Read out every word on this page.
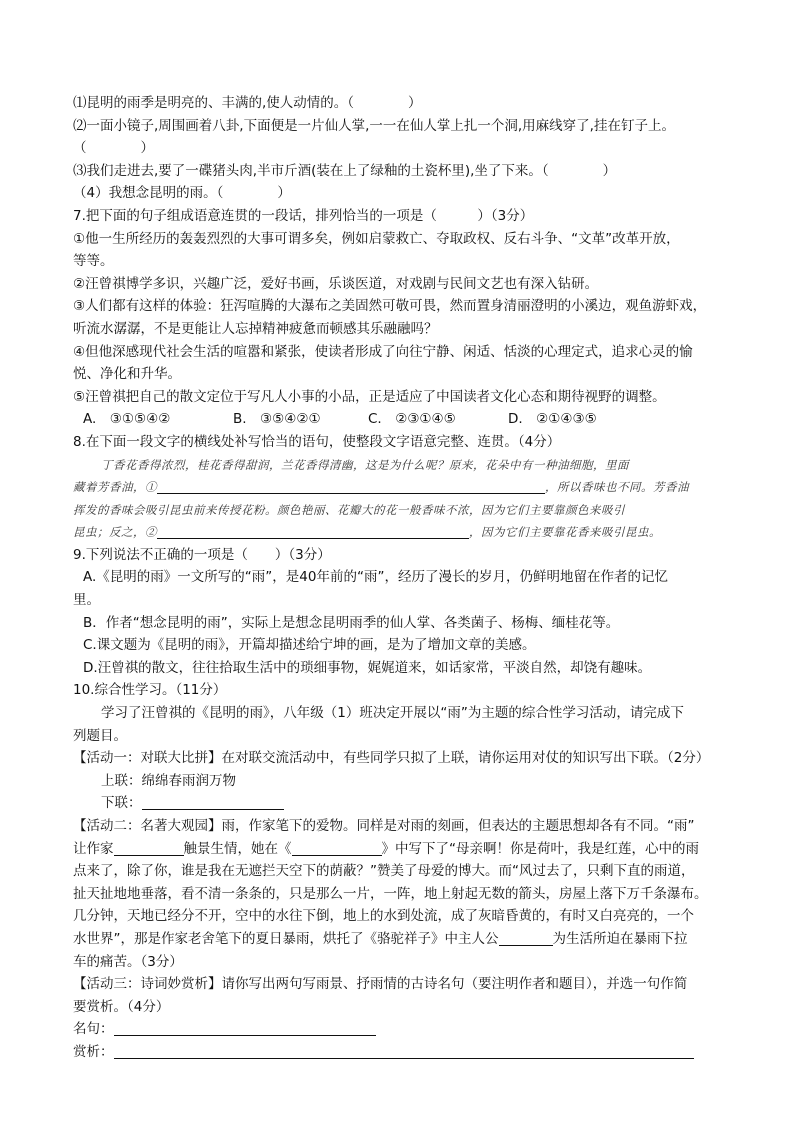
⑴昆明的雨季是明亮的、丰满的,使人动情的。（　　　　）
⑵一面小镜子,周围画着八卦,下面便是一片仙人掌,一一在仙人掌上扎一个洞,用麻线穿了,挂在钉子上。
（　　　　）
⑶我们走进去,要了一碟猪头肉,半市斤酒(装在上了绿釉的土瓷杯里),坐了下来。（　　　　）
（4）我想念昆明的雨。（　　　　）
7.把下面的句子组成语意连贯的一段话，排列恰当的一项是（　　　）（3分）
①他一生所经历的轰轰烈烈的大事可谓多矣，例如启蒙救亡、夺取政权、反右斗争、“文革”改革开放，
等等。
②汪曾祺博学多识，兴趣广泛，爱好书画，乐谈医道，对戏剧与民间文艺也有深入钻研。
③人们都有这样的体验：狂泻喧腾的大瀑布之美固然可敬可畏，然而置身清丽澄明的小溪边，观鱼游虾戏，
听流水潺潺，不是更能让人忘掉精神疲惫而顿感其乐融融吗？
④但他深感现代社会生活的喧嚣和紧张，使读者形成了向往宁静、闲适、恬淡的心理定式，追求心灵的愉
悦、净化和升华。
⑤汪曾祺把自己的散文定位于写凡人小事的小品，正是适应了中国读者文化心态和期待视野的调整。
A.　③①⑤④②	B.　③⑤④②①	C.　②③①④⑤	D.　②①④③⑤
8.在下面一段文字的横线处补写恰当的语句，使整段文字语意完整、连贯。（4分）
丁香花香得浓烈，桂花香得甜润，兰花香得清幽，这是为什么呢？原来，花朵中有一种油细胞，里面
藏着芳香油，①	，所以香味也不同。芳香油
挥发的香味会吸引昆虫前来传授花粉。颜色艳丽、花瓣大的花一般香味不浓，因为它们主要靠颜色来吸引
昆虫；反之，②	，因为它们主要靠花香来吸引昆虫。
9.下列说法不正确的一项是（　　）（3分）
A.《昆明的雨》一文所写的“雨”，是40年前的“雨”，经历了漫长的岁月，仍鲜明地留在作者的记忆
里。
B．作者“想念昆明的雨”，实际上是想念昆明雨季的仙人掌、各类菌子、杨梅、缅桂花等。
C.课文题为《昆明的雨》，开篇却描述给宁坤的画，是为了增加文章的美感。
D.汪曾祺的散文，往往拾取生活中的琐细事物，娓娓道来，如话家常，平淡自然，却饶有趣味。
10.综合性学习。（11分）
学习了汪曾祺的《昆明的雨》，八年级（1）班决定开展以“雨”为主题的综合性学习活动，请完成下
列题目。
【活动一：对联大比拼】在对联交流活动中，有些同学只拟了上联，请你运用对仗的知识写出下联。（2分）
上联：绵绵春雨润万物
下联：
【活动二：名著大观园】雨，作家笔下的爱物。同样是对雨的刻画，但表达的主题思想却各有不同。“雨”
让作家	触景生情，她在《	》中写下了“母亲啊！你是荷叶，我是红莲，心中的雨
点来了，除了你，谁是我在无遮拦天空下的荫蔽？”赞美了母爱的博大。而“风过去了，只剩下直的雨道，
扯天扯地地垂落，看不清一条条的，只是那么一片，一阵，地上射起无数的箭头，房屋上落下万千条瀑布。
几分钟，天地已经分不开，空中的水往下倒，地上的水到处流，成了灰暗昏黄的，有时又白亮亮的，一个
水世界”，那是作家老舍笔下的夏日暴雨，烘托了《骆驼祥子》中主人公	为生活所迫在暴雨下拉
车的痛苦。（3分）
【活动三：诗词妙赏析】请你写出两句写雨景、抒雨情的古诗名句（要注明作者和题目），并选一句作简
要赏析。（4分）
名句：
赏析：
